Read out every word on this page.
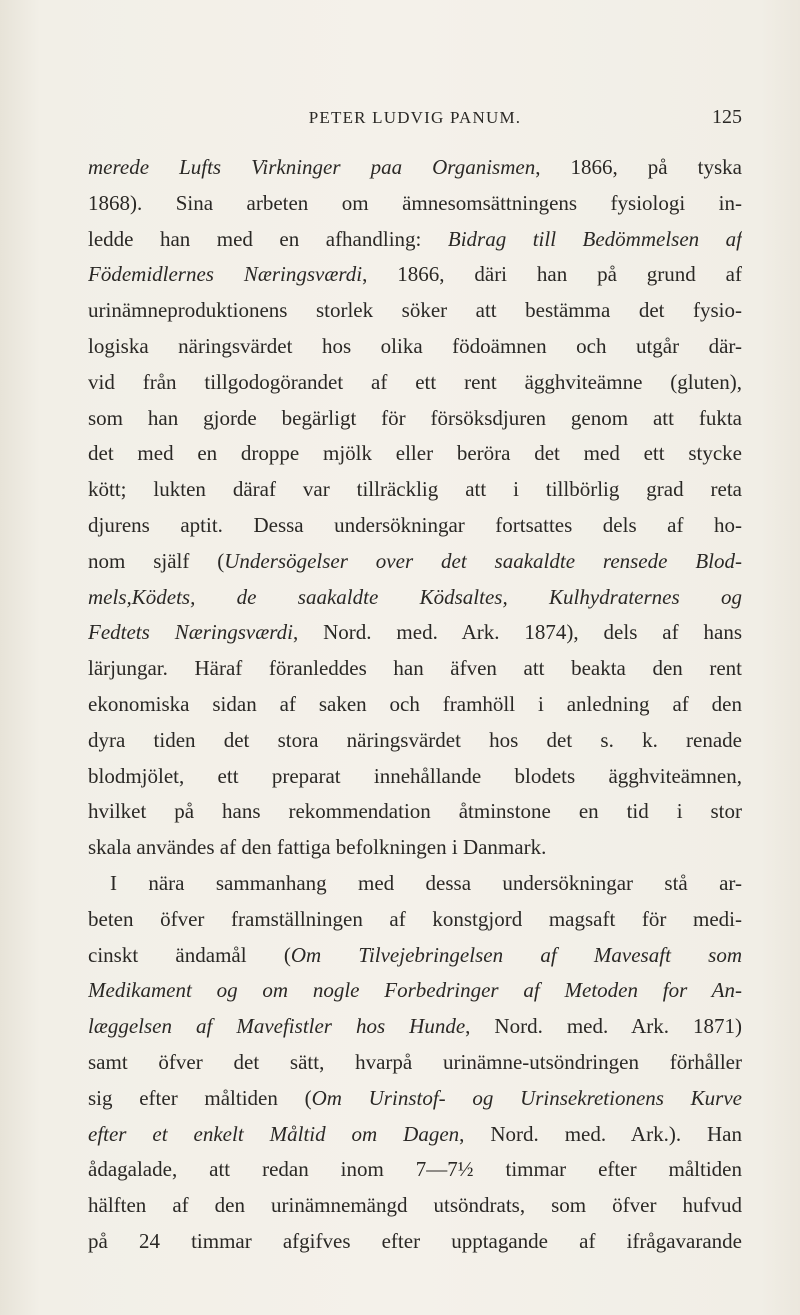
PETER LUDVIG PANUM.	125
merede Lufts Virkninger paa Organismen, 1866, på tyska
1868). Sina arbeten om ämnesomsättningens fysiologi in-
ledde han med en afhandling: Bidrag till Bedömmelsen af
Födemidlernes Næringsværdi, 1866, däri han på grund af
urinämneproduktionens storlek söker att bestämma det fysio-
logiska näringsvärdet hos olika födoämnen och utgår där-
vid från tillgodogörandet af ett rent ägghviteämne (gluten),
som han gjorde begärligt för försöksdjuren genom att fukta
det med en droppe mjölk eller beröra det med ett stycke
kött; lukten däraf var tillräcklig att i tillbörlig grad reta
djurens aptit. Dessa undersökningar fortsattes dels af ho-
nom själf (Undersögelser over det saakaldte rensede Blod-
mels,Ködets, de saakaldte Ködsaltes, Kulhydraternes og
Fedtets Næringsværdi, Nord. med. Ark. 1874), dels af hans
lärjungar. Häraf föranleddes han äfven att beakta den rent
ekonomiska sidan af saken och framhöll i anledning af den
dyra tiden det stora näringsvärdet hos det s. k. renade
blodmjölet, ett preparat innehållande blodets ägghviteämnen,
hvilket på hans rekommendation åtminstone en tid i stor
skala användes af den fattiga befolkningen i Danmark.
I nära sammanhang med dessa undersökningar stå ar-
beten öfver framställningen af konstgjord magsaft för medi-
cinskt ändamål (Om Tilvejebringelsen af Mavesaft som
Medikament og om nogle Forbedringer af Metoden for An-
læggelsen af Mavefistler hos Hunde, Nord. med. Ark. 1871)
samt öfver det sätt, hvarpå urinämne-utsöndringen förhåller
sig efter måltiden (Om Urinstof- og Urinsekretionens Kurve
efter et enkelt Måltid om Dagen, Nord. med. Ark.). Han
ådagalade, att redan inom 7—7½ timmar efter måltiden
hälften af den urinämnemängd utsöndrats, som öfver hufvud
på 24 timmar afgifves efter upptagande af ifrågavarande
